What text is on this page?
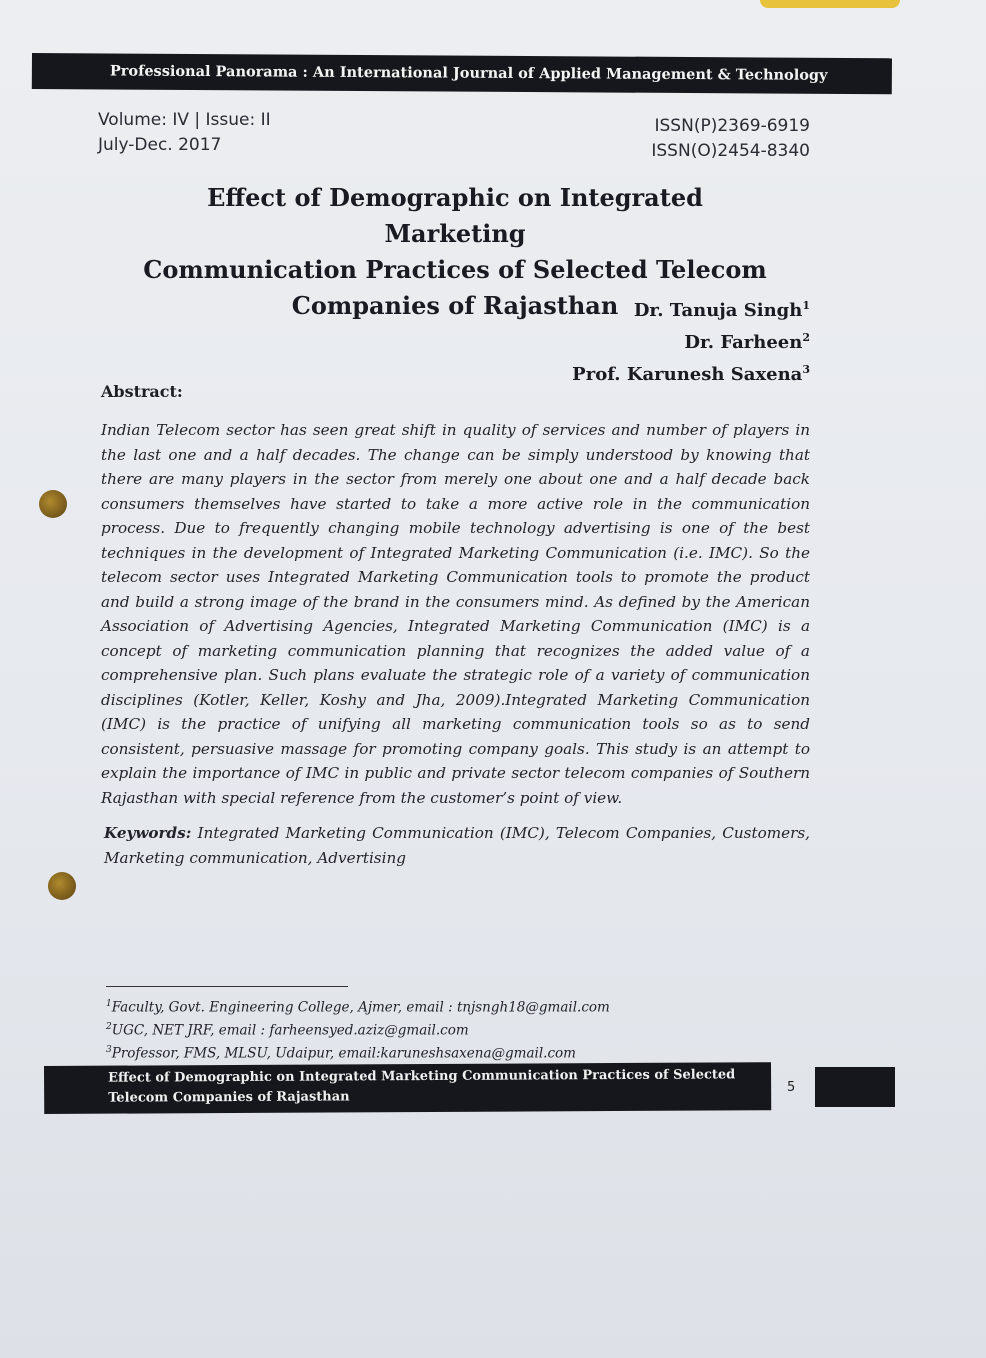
Professional Panorama : An International Journal of Applied Management & Technology
Volume: IV | Issue: II
July-Dec. 2017
ISSN(P)2369-6919
ISSN(O)2454-8340
Effect of Demographic on Integrated Marketing
Communication Practices of Selected Telecom
Companies of Rajasthan Dr. Tanuja Singh$^1$
Dr. Farheen$^2$
Prof. Karunesh Saxena$^3$
Abstract:
Indian Telecom sector has seen great shift in quality of services and number of players in the last one and a half decades. The change can be simply understood by knowing that there are many players in the sector from merely one about one and a half decade back consumers themselves have started to take a more active role in the communication process. Due to frequently changing mobile technology advertising is one of the best techniques in the development of Integrated Marketing Communication (i.e. IMC). So the telecom sector uses Integrated Marketing Communication tools to promote the product and build a strong image of the brand in the consumers mind. As defined by the American Association of Advertising Agencies, Integrated Marketing Communication (IMC) is a concept of marketing communication planning that recognizes the added value of a comprehensive plan. Such plans evaluate the strategic role of a variety of communication disciplines (Kotler, Keller, Koshy and Jha, 2009).Integrated Marketing Communication (IMC) is the practice of unifying all marketing communication tools so as to send consistent, persuasive massage for promoting company goals. This study is an attempt to explain the importance of IMC in public and private sector telecom companies of Southern Rajasthan with special reference from the customer’s point of view.
Keywords: Integrated Marketing Communication (IMC), Telecom Companies, Customers, Marketing communication, Advertising
$^1$Faculty, Govt. Engineering College, Ajmer, email : tnjsngh18@gmail.com
$^2$UGC, NET JRF, email : farheensyed.aziz@gmail.com
$^3$Professor, FMS, MLSU, Udaipur, email:karuneshsaxena@gmail.com
Effect of Demographic on Integrated Marketing Communication Practices of Selected Telecom Companies of Rajasthan
5
